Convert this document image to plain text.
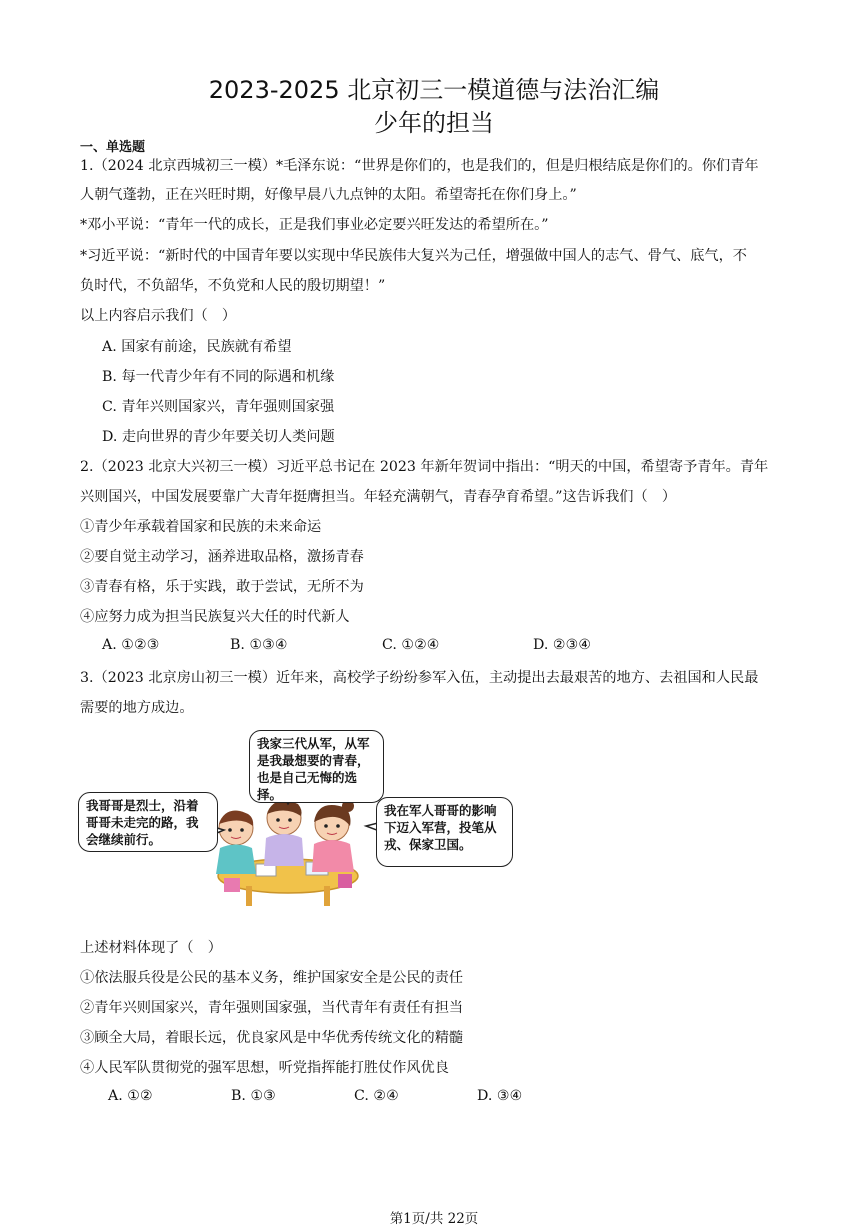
2023-2025 北京初三一模道德与法治汇编
少年的担当
一、单选题
1.（2024 北京西城初三一模）*毛泽东说：“世界是你们的，也是我们的，但是归根结底是你们的。你们青年
人朝气蓬勃，正在兴旺时期，好像早晨八九点钟的太阳。希望寄托在你们身上。”
*邓小平说：“青年一代的成长，正是我们事业必定要兴旺发达的希望所在。”
*习近平说：“新时代的中国青年要以实现中华民族伟大复兴为己任，增强做中国人的志气、骨气、底气，不
负时代，不负韶华，不负党和人民的殷切期望！”
以上内容启示我们（　）
A. 国家有前途，民族就有希望
B. 每一代青少年有不同的际遇和机缘
C. 青年兴则国家兴，青年强则国家强
D. 走向世界的青少年要关切人类问题
2.（2023 北京大兴初三一模）习近平总书记在 2023 年新年贺词中指出：“明天的中国，希望寄予青年。青年
兴则国兴，中国发展要靠广大青年挺膺担当。年轻充满朝气，青春孕育希望。”这告诉我们（　）
①青少年承载着国家和民族的未来命运
②要自觉主动学习，涵养进取品格，激扬青春
③青春有格，乐于实践，敢于尝试，无所不为
④应努力成为担当民族复兴大任的时代新人
A. ①②③	B. ①③④	C. ①②④	D. ②③④
3.（2023 北京房山初三一模）近年来，高校学子纷纷参军入伍，主动提出去最艰苦的地方、去祖国和人民最
需要的地方成边。
我家三代从军，从军是我最想要的青春，也是自己无悔的选择。
我哥哥是烈士，沿着哥哥未走完的路，我会继续前行。
我在军人哥哥的影响下迈入军营，投笔从戎、保家卫国。
上述材料体现了（　）
①依法服兵役是公民的基本义务，维护国家安全是公民的责任
②青年兴则国家兴，青年强则国家强，当代青年有责任有担当
③顾全大局，着眼长远，优良家风是中华优秀传统文化的精髓
④人民军队贯彻党的强军思想，听党指挥能打胜仗作风优良
A. ①②	B. ①③	C. ②④	D. ③④
第1页/共 22页
